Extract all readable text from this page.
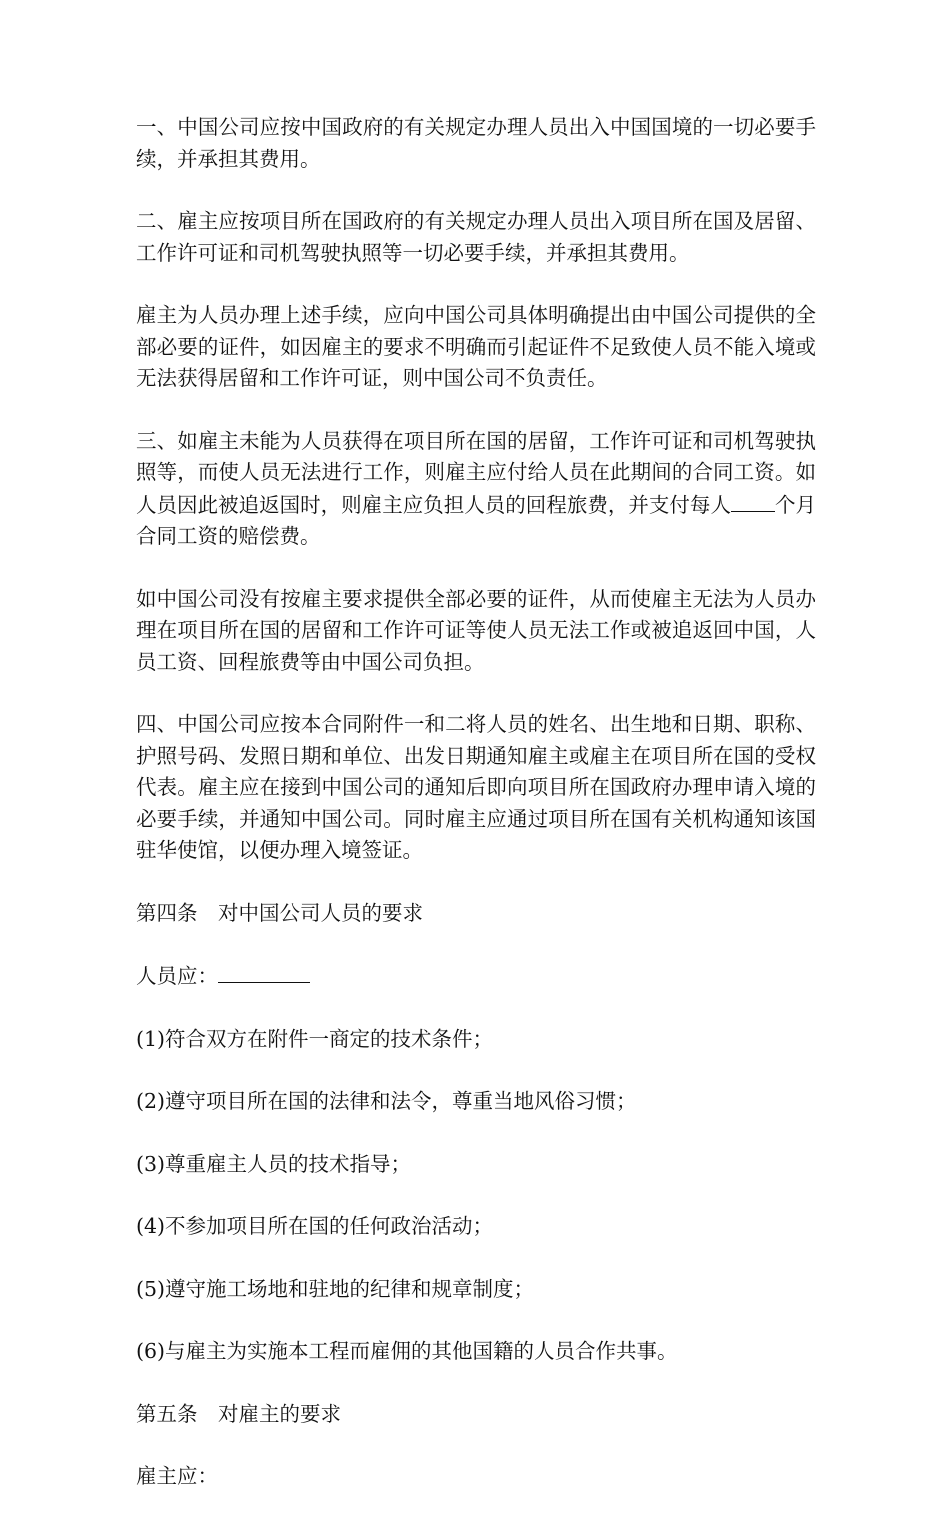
一、中国公司应按中国政府的有关规定办理人员出入中国国境的一切必要手续，并承担其费用。

二、雇主应按项目所在国政府的有关规定办理人员出入项目所在国及居留、工作许可证和司机驾驶执照等一切必要手续，并承担其费用。

雇主为人员办理上述手续，应向中国公司具体明确提出由中国公司提供的全部必要的证件，如因雇主的要求不明确而引起证件不足致使人员不能入境或无法获得居留和工作许可证，则中国公司不负责任。

三、如雇主未能为人员获得在项目所在国的居留，工作许可证和司机驾驶执照等，而使人员无法进行工作，则雇主应付给人员在此期间的合同工资。如人员因此被追返国时，则雇主应负担人员的回程旅费，并支付每人 个月合同工资的赔偿费。

如中国公司没有按雇主要求提供全部必要的证件，从而使雇主无法为人员办理在项目所在国的居留和工作许可证等使人员无法工作或被追返回中国，人员工资、回程旅费等由中国公司负担。

四、中国公司应按本合同附件一和二将人员的姓名、出生地和日期、职称、护照号码、发照日期和单位、出发日期通知雇主或雇主在项目所在国的受权代表。雇主应在接到中国公司的通知后即向项目所在国政府办理申请入境的必要手续，并通知中国公司。同时雇主应通过项目所在国有关机构通知该国驻华使馆，以便办理入境签证。

第四条　对中国公司人员的要求

人员应：

(1)符合双方在附件一商定的技术条件；

(2)遵守项目所在国的法律和法令，尊重当地风俗习惯；

(3)尊重雇主人员的技术指导；

(4)不参加项目所在国的任何政治活动；

(5)遵守施工场地和驻地的纪律和规章制度；

(6)与雇主为实施本工程而雇佣的其他国籍的人员合作共事。

第五条　对雇主的要求

雇主应：
